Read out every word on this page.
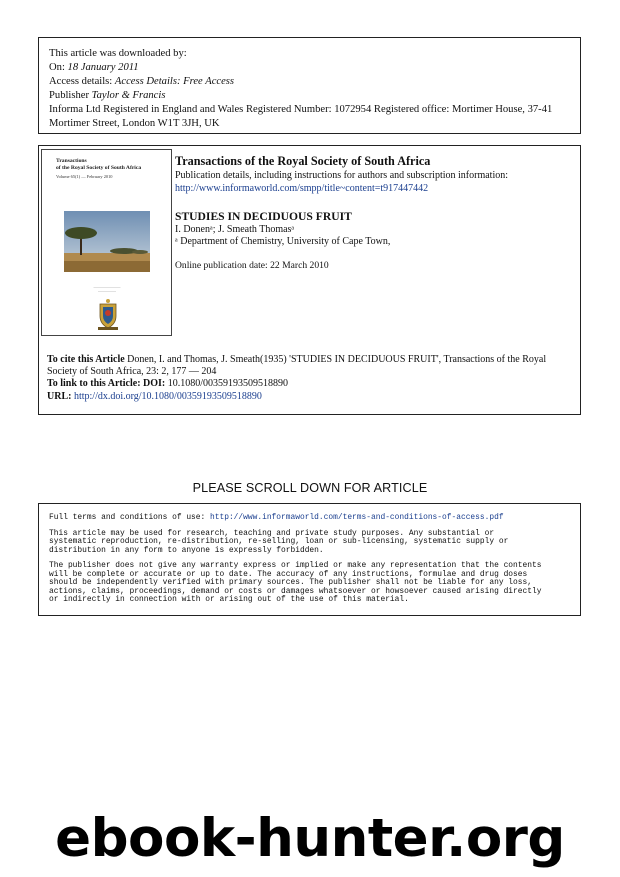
This article was downloaded by:
On: 18 January 2011
Access details: Access Details: Free Access
Publisher Taylor & Francis
Informa Ltd Registered in England and Wales Registered Number: 1072954 Registered office: Mortimer House, 37-41 Mortimer Street, London W1T 3JH, UK
Transactions
of the Royal Society of South Africa
Volume 65(1) — February 2010
—————————
——————
Transactions of the Royal Society of South Africa
Publication details, including instructions for authors and subscription information:
http://www.informaworld.com/smpp/title~content=t917447442
STUDIES IN DECIDUOUS FRUIT
I. Donenᵃ; J. Smeath Thomasᵃ
ᵃ Department of Chemistry, University of Cape Town,
Online publication date: 22 March 2010
To cite this Article Donen, I. and Thomas, J. Smeath(1935) 'STUDIES IN DECIDUOUS FRUIT', Transactions of the Royal Society of South Africa, 23: 2, 177 — 204
To link to this Article: DOI: 10.1080/00359193509518890
URL: http://dx.doi.org/10.1080/00359193509518890
PLEASE SCROLL DOWN FOR ARTICLE

Full terms and conditions of use: http://www.informaworld.com/terms-and-conditions-of-access.pdf

This article may be used for research, teaching and private study purposes. Any substantial or
systematic reproduction, re-distribution, re-selling, loan or sub-licensing, systematic supply or
distribution in any form to anyone is expressly forbidden.

The publisher does not give any warranty express or implied or make any representation that the contents
will be complete or accurate or up to date. The accuracy of any instructions, formulae and drug doses
should be independently verified with primary sources. The publisher shall not be liable for any loss,
actions, claims, proceedings, demand or costs or damages whatsoever or howsoever caused arising directly
or indirectly in connection with or arising out of the use of this material.

ebook-hunter.org
